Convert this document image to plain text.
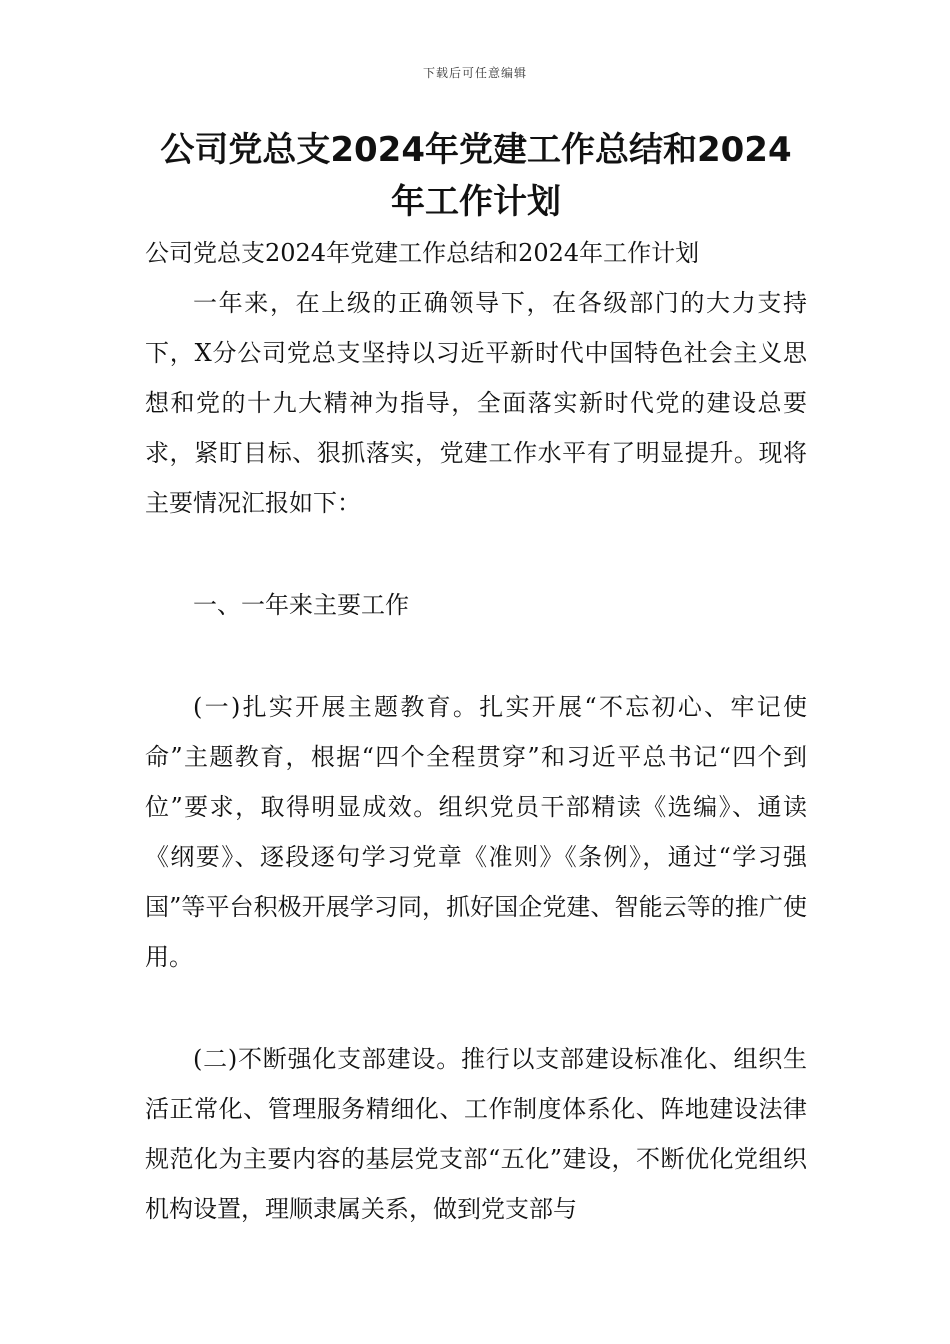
下载后可任意编辑
公司党总支2024年党建工作总结和2024年工作计划

公司党总支2024年党建工作总结和2024年工作计划

一年来，在上级的正确领导下，在各级部门的大力支持下，X分公司党总支坚持以习近平新时代中国特色社会主义思想和党的十九大精神为指导，全面落实新时代党的建设总要求，紧盯目标、狠抓落实，党建工作水平有了明显提升。现将主要情况汇报如下：

一、一年来主要工作

(一)扎实开展主题教育。扎实开展“不忘初心、牢记使命”主题教育，根据“四个全程贯穿”和习近平总书记“四个到位”要求，取得明显成效。组织党员干部精读《选编》、通读《纲要》、逐段逐句学习党章《准则》《条例》，通过“学习强国”等平台积极开展学习同，抓好国企党建、智能云等的推广使用。

(二)不断强化支部建设。推行以支部建设标准化、组织生活正常化、管理服务精细化、工作制度体系化、阵地建设法律规范化为主要内容的基层党支部“五化”建设，不断优化党组织机构设置，理顺隶属关系，做到党支部与
